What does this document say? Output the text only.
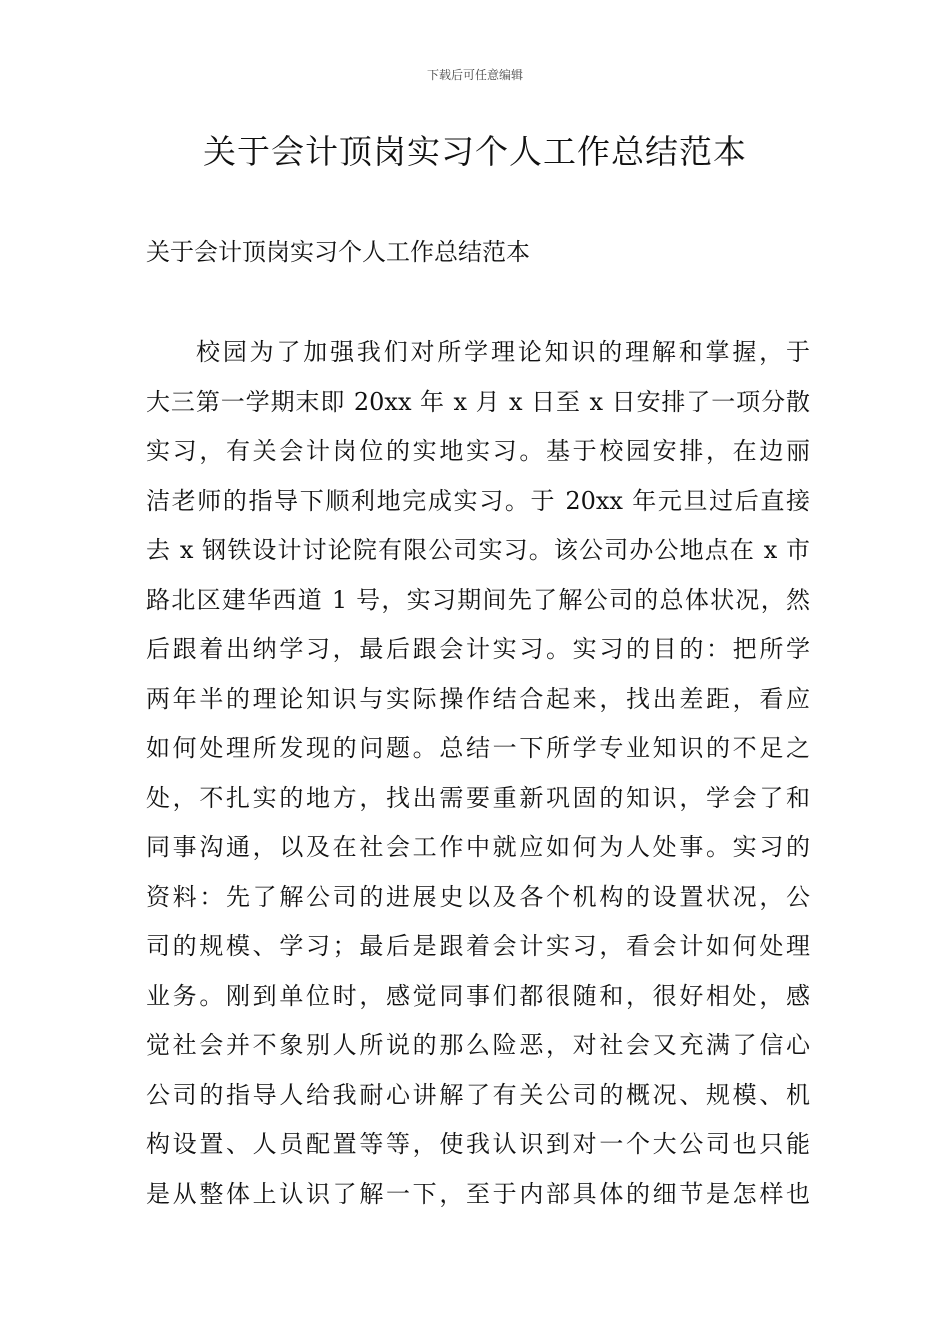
下载后可任意编辑
关于会计顶岗实习个人工作总结范本

关于会计顶岗实习个人工作总结范本

校园为了加强我们对所学理论知识的理解和掌握，于
大三第一学期末即 20xx 年 x 月 x 日至 x 日安排了一项分散
实习，有关会计岗位的实地实习。基于校园安排，在边丽
洁老师的指导下顺利地完成实习。于 20xx 年元旦过后直接
去 x 钢铁设计讨论院有限公司实习。该公司办公地点在 x 市
路北区建华西道 1 号，实习期间先了解公司的总体状况，然
后跟着出纳学习，最后跟会计实习。实习的目的：把所学
两年半的理论知识与实际操作结合起来，找出差距，看应
如何处理所发现的问题。总结一下所学专业知识的不足之
处，不扎实的地方，找出需要重新巩固的知识，学会了和
同事沟通，以及在社会工作中就应如何为人处事。实习的
资料：先了解公司的进展史以及各个机构的设置状况，公
司的规模、学习；最后是跟着会计实习，看会计如何处理
业务。刚到单位时，感觉同事们都很随和，很好相处，感
觉社会并不象别人所说的那么险恶，对社会又充满了信心
公司的指导人给我耐心讲解了有关公司的概况、规模、机
构设置、人员配置等等，使我认识到对一个大公司也只能
是从整体上认识了解一下，至于内部具体的细节是怎样也
